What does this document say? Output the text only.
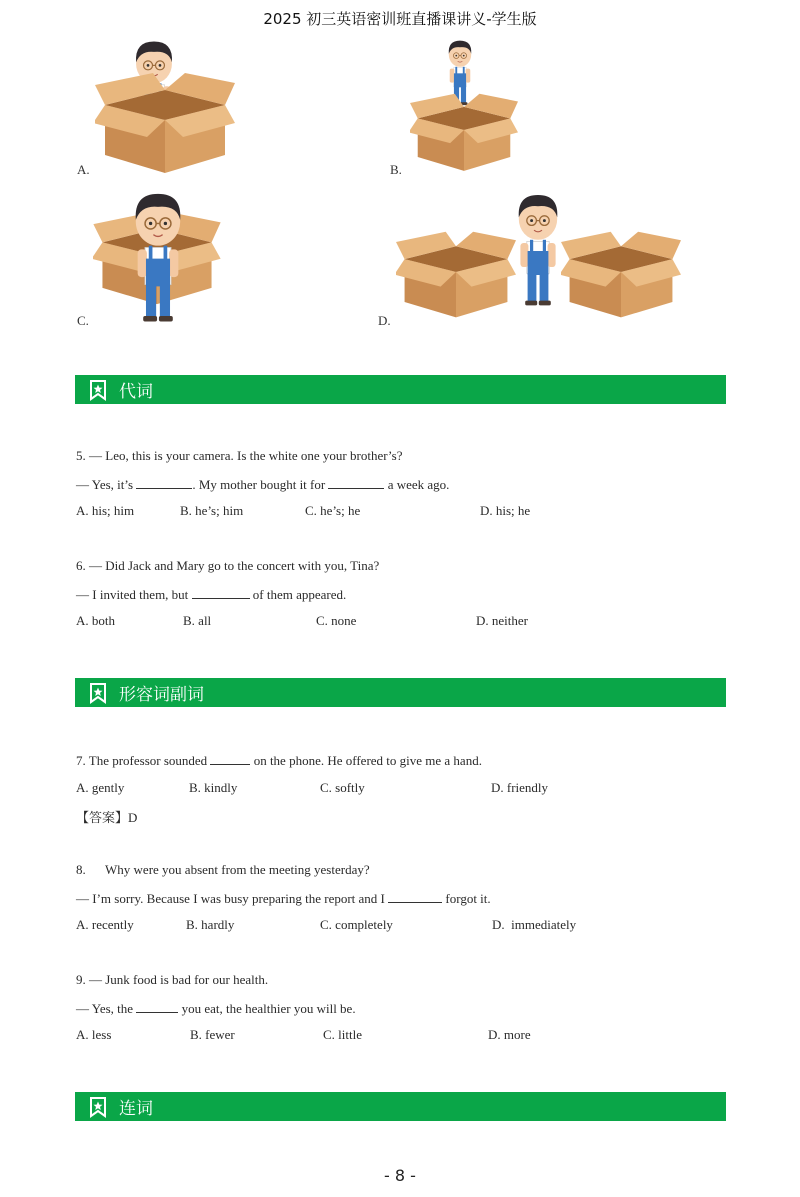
2025 初三英语密训班直播课讲义-学生版
A.	B.
C.	D.
代词
5. — Leo, this is your camera. Is the white one your brother’s?
— Yes, it’s	. My mother bought it for	a week ago.
A. his; him	B. he’s; him	C. he’s; he	D. his; he
6. — Did Jack and Mary go to the concert with you, Tina?
— I invited them, but	of them appeared.
A. both	B. all	C. none	D. neither
形容词副词
7. The professor sounded	on the phone. He offered to give me a hand.
A. gently	B. kindly	C. softly	D. friendly
【答案】D
8.      Why were you absent from the meeting yesterday?
— I’m sorry. Because I was busy preparing the report and I	forgot it.
A. recently	B. hardly	C. completely	D.  immediately
9. — Junk food is bad for our health.
— Yes, the	you eat, the healthier you will be.
A. less	B. fewer	C. little	D. more
连词
- 8 -
